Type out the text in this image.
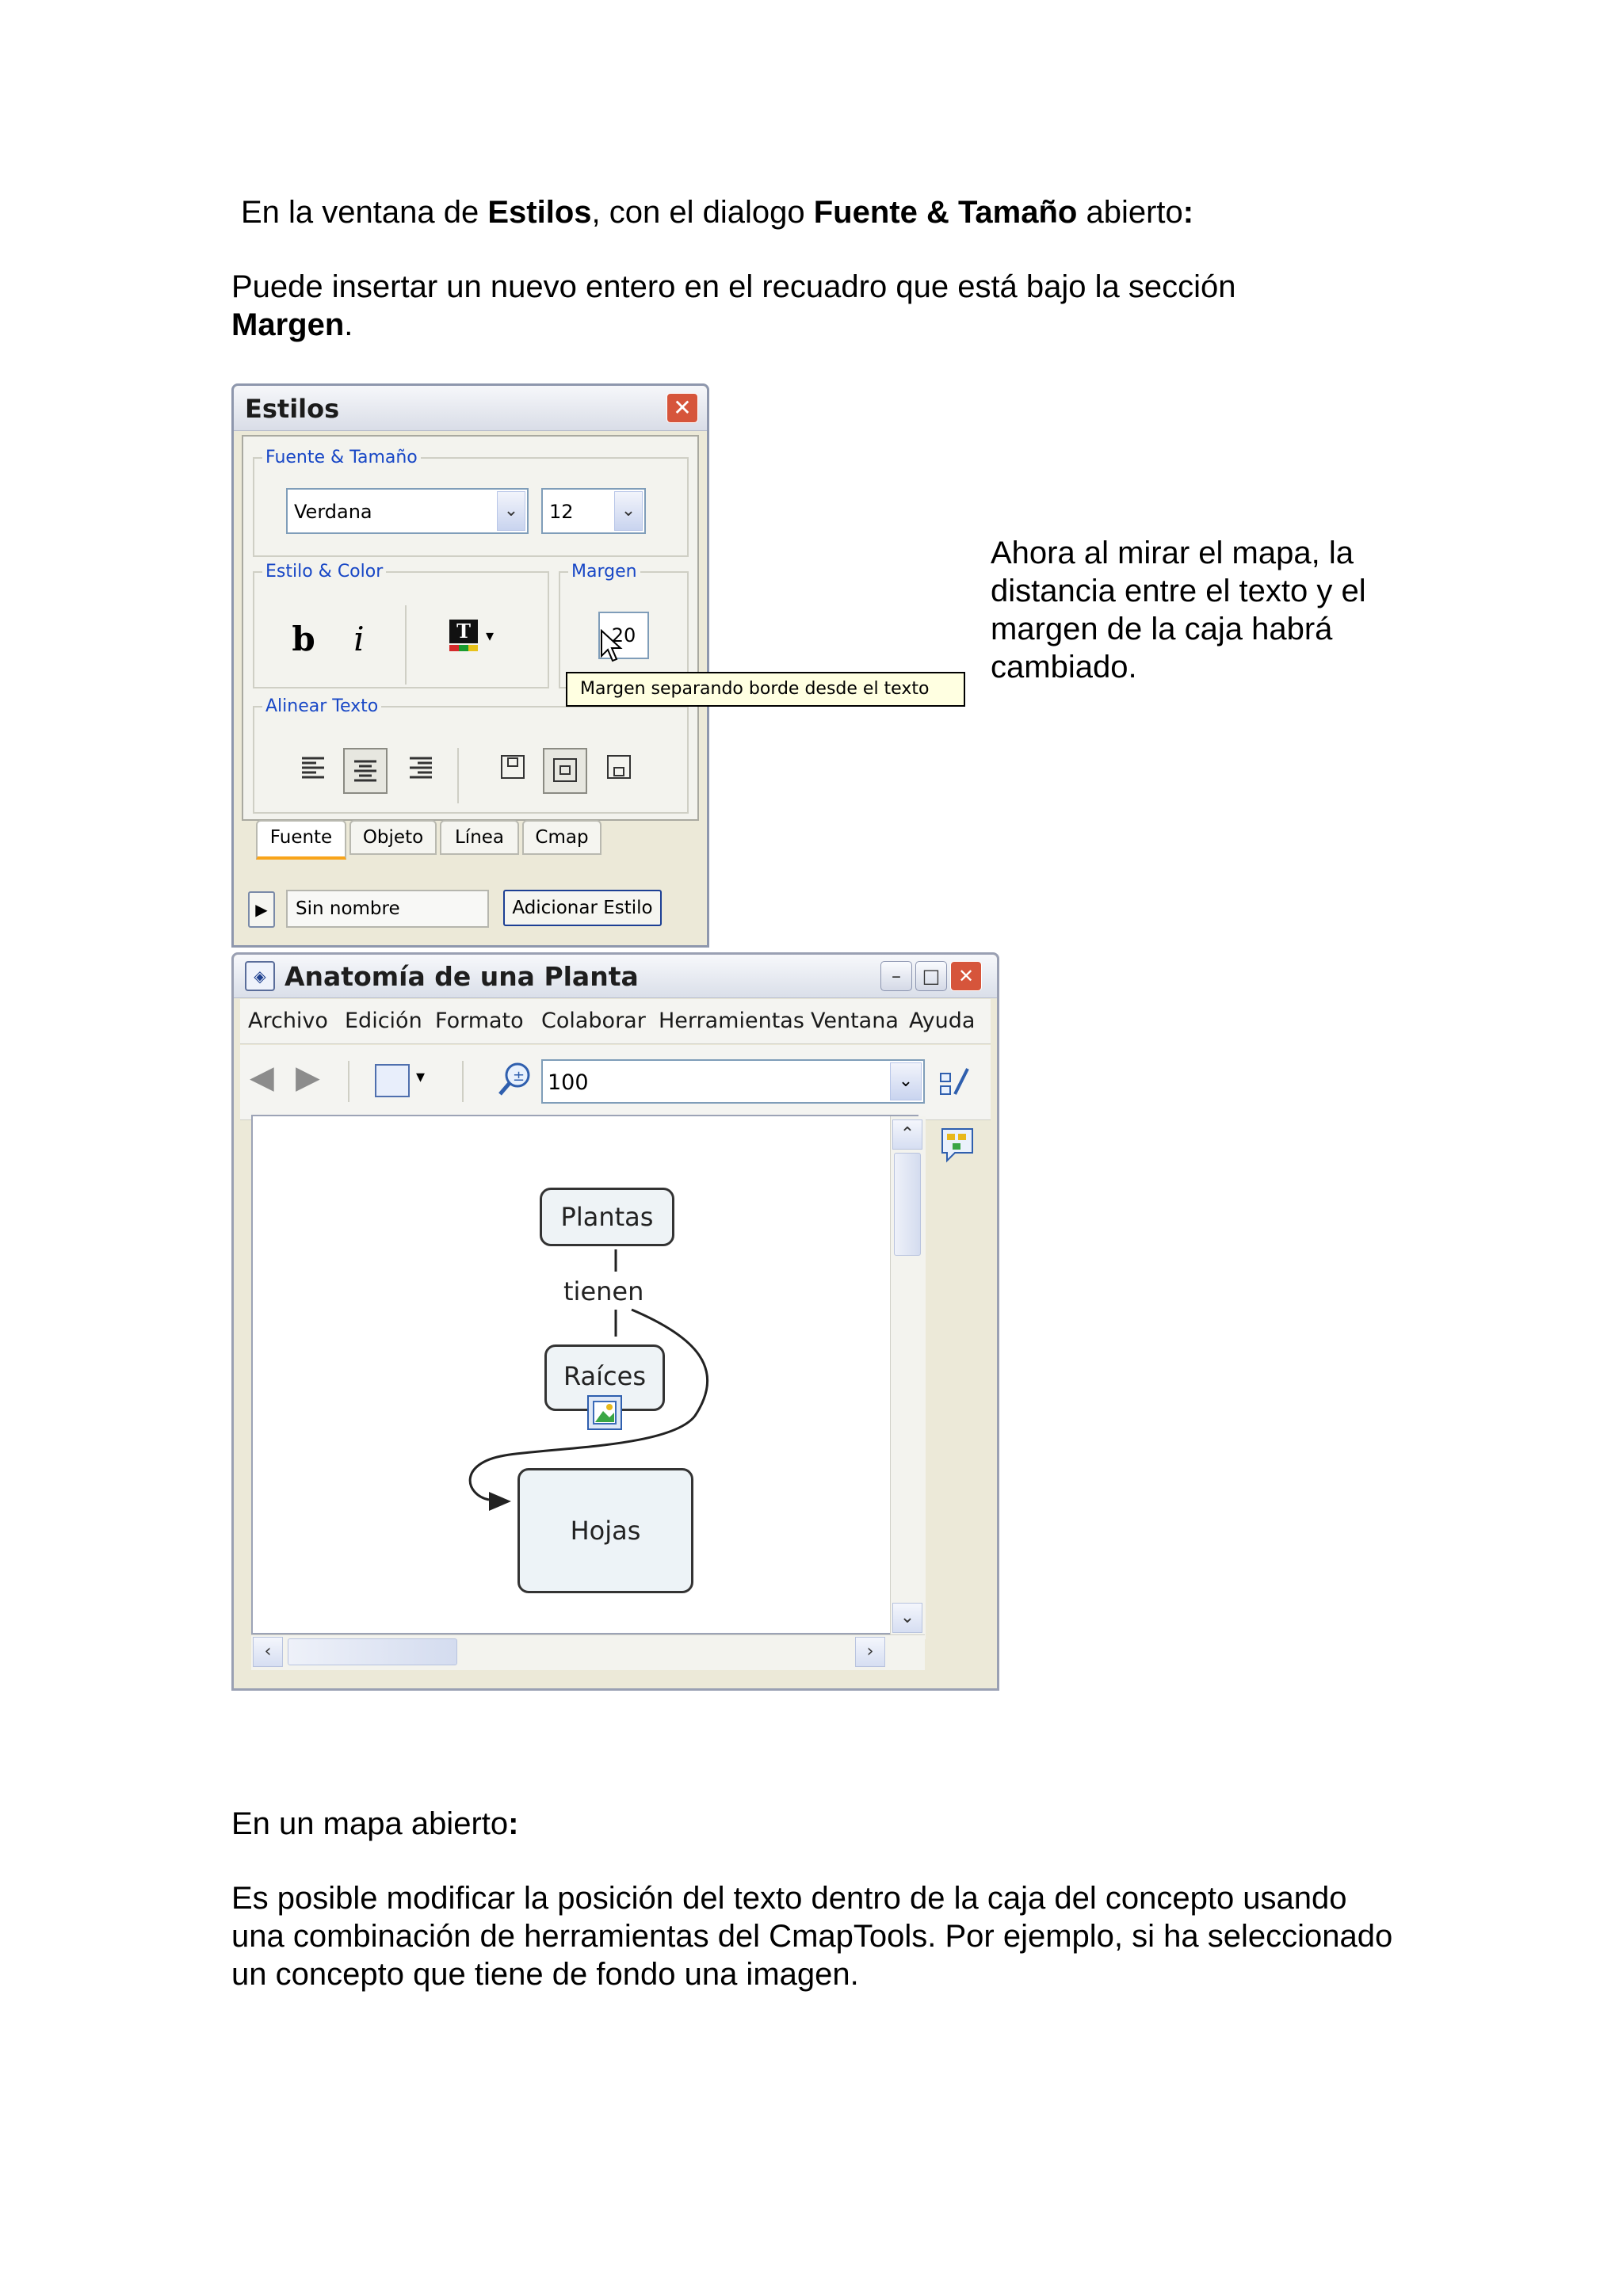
En la ventana de Estilos, con el dialogo Fuente & Tamaño abierto:

Puede insertar un nuevo entero en el recuadro que está bajo la sección
Margen.

Ahora al mirar el mapa, la distancia entre el texto y el margen de la caja habrá cambiado.

Estilos	✕
Fuente & Tamaño
Verdana	⌄	12	⌄
Estilo & Color
b	i	T ▾
Margen
20
Alinear Texto
Fuente	Objeto	Línea	Cmap
▶	Sin nombre	Adicionar Estilo
Margen separando borde desde el texto
◈ Anatomía de una Planta	–	□ ✕
Archivo Edición Formato Colaborar Herramientas Ventana Ayuda
◀ ▶	▾	± 100	⌄
Plantas
tienen
Raíces
Hojas
⌃
⌄
‹	›

En un mapa abierto:

Es posible modificar la posición del texto dentro de la caja del concepto usando una combinación de herramientas del CmapTools. Por ejemplo, si ha seleccionado un concepto que tiene de fondo una imagen.
